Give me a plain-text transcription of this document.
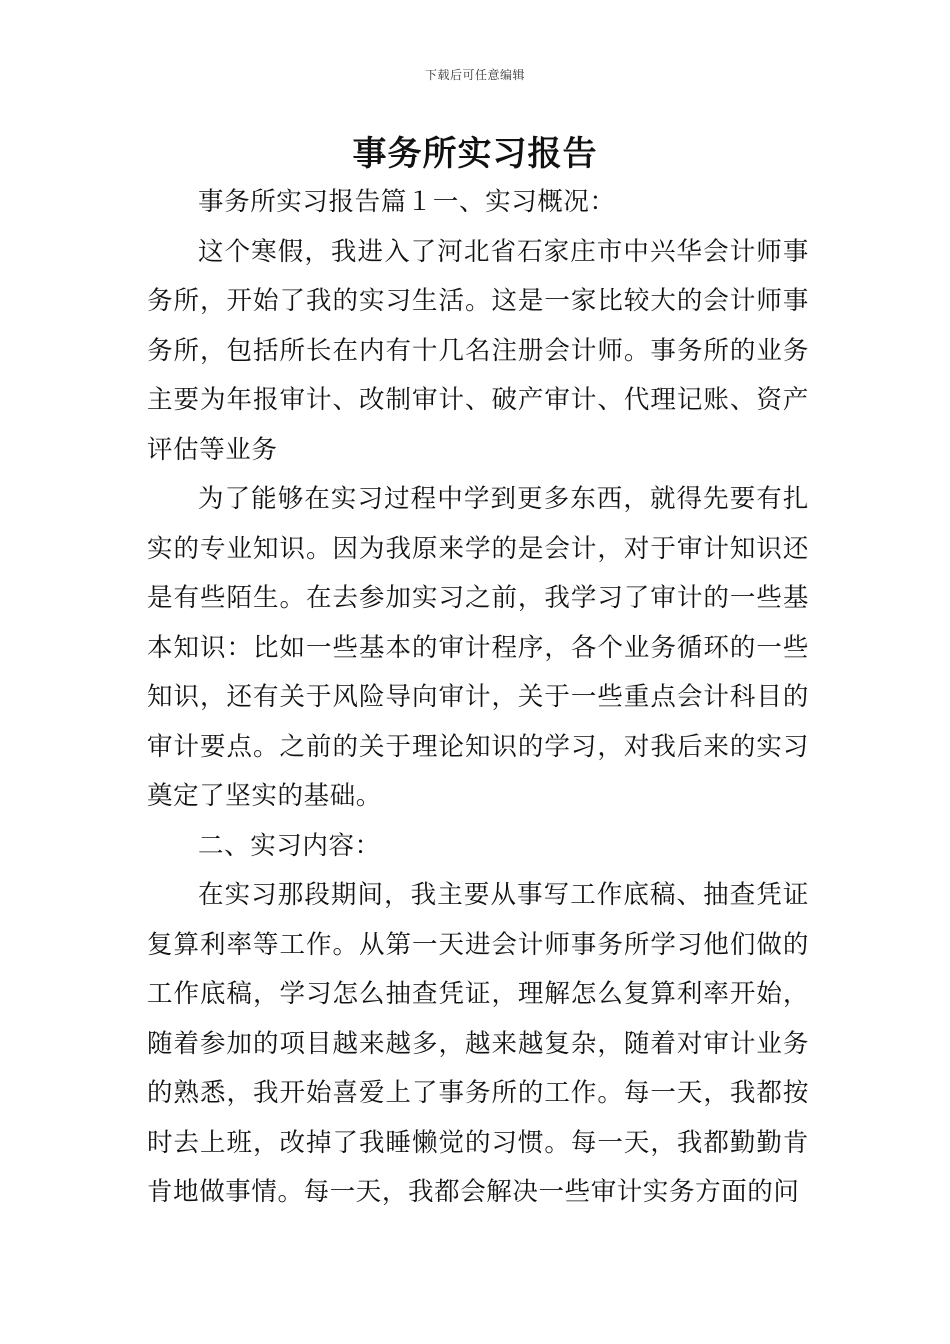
下载后可任意编辑
事务所实习报告

事务所实习报告篇１一、实习概况：

这个寒假，我进入了河北省石家庄市中兴华会计师事务所，开始了我的实习生活。这是一家比较大的会计师事务所，包括所长在内有十几名注册会计师。事务所的业务主要为年报审计、改制审计、破产审计、代理记账、资产评估等业务

为了能够在实习过程中学到更多东西，就得先要有扎实的专业知识。因为我原来学的是会计，对于审计知识还是有些陌生。在去参加实习之前，我学习了审计的一些基本知识：比如一些基本的审计程序，各个业务循环的一些知识，还有关于风险导向审计，关于一些重点会计科目的审计要点。之前的关于理论知识的学习，对我后来的实习奠定了坚实的基础。

二、实习内容：

在实习那段期间，我主要从事写工作底稿、抽查凭证复算利率等工作。从第一天进会计师事务所学习他们做的工作底稿，学习怎么抽查凭证，理解怎么复算利率开始，随着参加的项目越来越多，越来越复杂，随着对审计业务的熟悉，我开始喜爱上了事务所的工作。每一天，我都按时去上班，改掉了我睡懒觉的习惯。每一天，我都勤勤肯肯地做事情。每一天，我都会解决一些审计实务方面的问
